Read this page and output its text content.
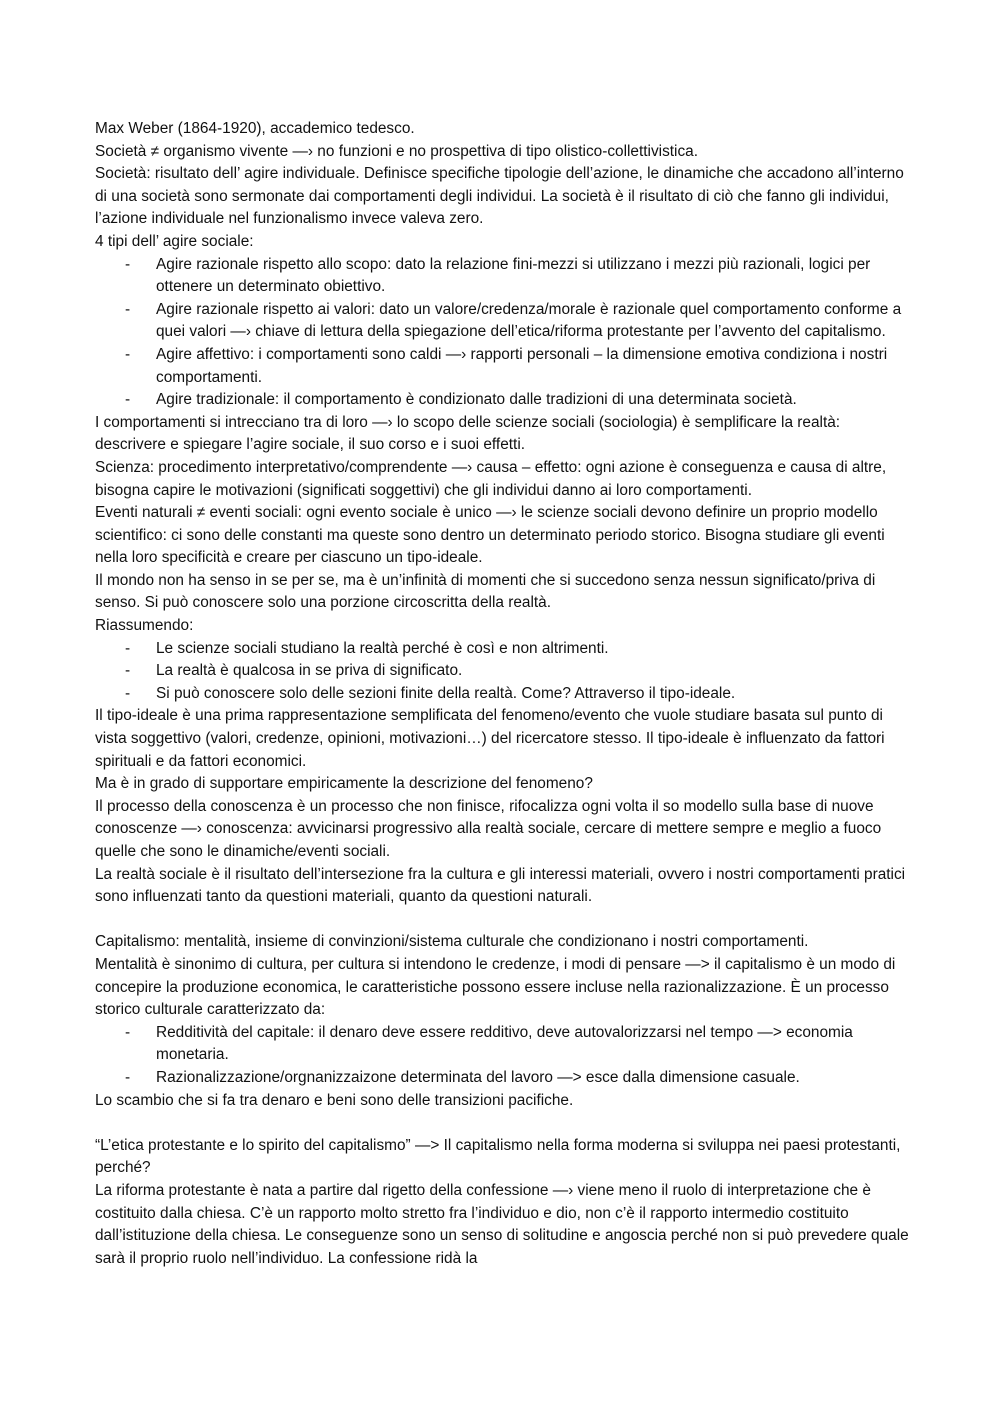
Max Weber (1864-1920), accademico tedesco.

Società ≠ organismo vivente —› no funzioni e no prospettiva di tipo olistico-collettivistica.

Società: risultato dell’ agire individuale. Definisce specifiche tipologie dell’azione, le dinamiche che accadono all’interno di una società sono sermonate dai comportamenti degli individui. La società è il risultato di ciò che fanno gli individui, l’azione individuale nel funzionalismo invece valeva zero.

4 tipi dell’ agire sociale:

- Agire razionale rispetto allo scopo: dato la relazione fini-mezzi si utilizzano i mezzi più razionali, logici per ottenere un determinato obiettivo.
- Agire razionale rispetto ai valori: dato un valore/credenza/morale è razionale quel comportamento conforme a quei valori —› chiave di lettura della spiegazione dell’etica/riforma protestante per l’avvento del capitalismo.
- Agire affettivo: i comportamenti sono caldi —› rapporti personali – la dimensione emotiva condiziona i nostri comportamenti.
- Agire tradizionale: il comportamento è condizionato dalle tradizioni di una determinata società.

I comportamenti si intrecciano tra di loro —› lo scopo delle scienze sociali (sociologia) è semplificare la realtà: descrivere e spiegare l’agire sociale, il suo corso e i suoi effetti.

Scienza: procedimento interpretativo/comprendente —› causa – effetto: ogni azione è conseguenza e causa di altre, bisogna capire le motivazioni (significati soggettivi) che gli individui danno ai loro comportamenti.

Eventi naturali ≠ eventi sociali: ogni evento sociale è unico —› le scienze sociali devono definire un proprio modello scientifico: ci sono delle constanti ma queste sono dentro un determinato periodo storico. Bisogna studiare gli eventi nella loro specificità e creare per ciascuno un tipo-ideale.

Il mondo non ha senso in se per se, ma è un’infinità di momenti che si succedono senza nessun significato/priva di senso. Si può conoscere solo una porzione circoscritta della realtà.

Riassumendo:

- Le scienze sociali studiano la realtà perché è così e non altrimenti.
- La realtà è qualcosa in se priva di significato.
- Si può conoscere solo delle sezioni finite della realtà. Come? Attraverso il tipo-ideale.

Il tipo-ideale è una prima rappresentazione semplificata del fenomeno/evento che vuole studiare basata sul punto di vista soggettivo (valori, credenze, opinioni, motivazioni…) del ricercatore stesso. Il tipo-ideale è influenzato da fattori spirituali e da fattori economici.

Ma è in grado di supportare empiricamente la descrizione del fenomeno?

Il processo della conoscenza è un processo che non finisce, rifocalizza ogni volta il so modello sulla base di nuove conoscenze —› conoscenza: avvicinarsi progressivo alla realtà sociale, cercare di mettere sempre e meglio a fuoco quelle che sono le dinamiche/eventi sociali.

La realtà sociale è il risultato dell’intersezione fra la cultura e gli interessi materiali, ovvero i nostri comportamenti pratici sono influenzati tanto da questioni materiali, quanto da questioni naturali.

Capitalismo: mentalità, insieme di convinzioni/sistema culturale che condizionano i nostri comportamenti.

Mentalità è sinonimo di cultura, per cultura si intendono le credenze, i modi di pensare —> il capitalismo è un modo di concepire la produzione economica, le caratteristiche possono essere incluse nella razionalizzazione. È un processo storico culturale caratterizzato da:

- Redditività del capitale: il denaro deve essere redditivo, deve autovalorizzarsi nel tempo —> economia monetaria.
- Razionalizzazione/orgnanizzaizone determinata del lavoro —> esce dalla dimensione casuale.

Lo scambio che si fa tra denaro e beni sono delle transizioni pacifiche.

“L’etica protestante e lo spirito del capitalismo” —> Il capitalismo nella forma moderna si sviluppa nei paesi protestanti, perché?

La riforma protestante è nata a partire dal rigetto della confessione —› viene meno il ruolo di interpretazione che è costituito dalla chiesa. C’è un rapporto molto stretto fra l’individuo e dio, non c’è il rapporto intermedio costituito dall’istituzione della chiesa. Le conseguenze sono un senso di solitudine e angoscia perché non si può prevedere quale sarà il proprio ruolo nell’individuo. La confessione ridà la
